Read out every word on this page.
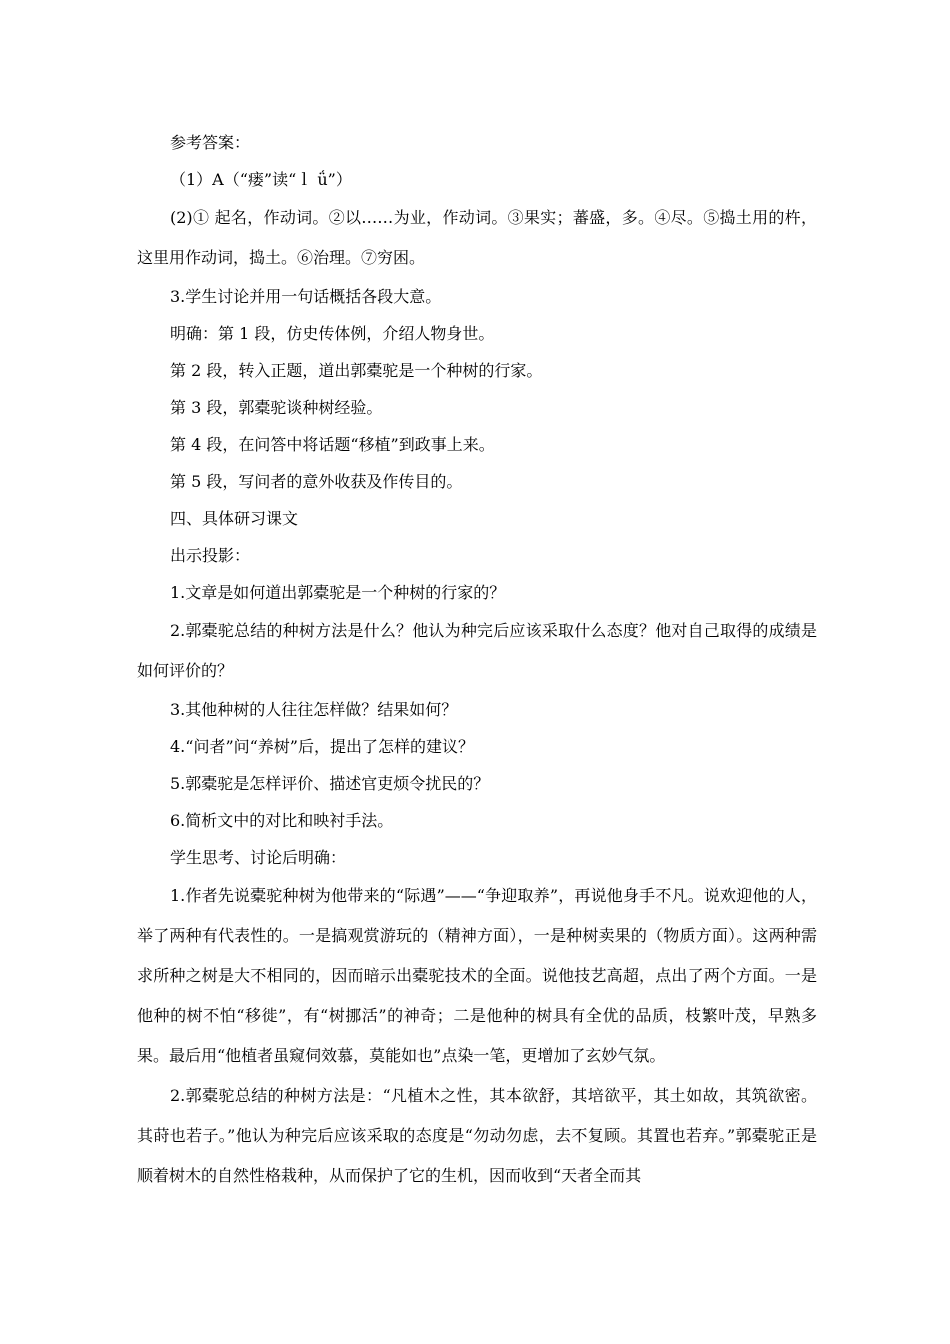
参考答案：

（1）A（“瘘”读“ｌ ǘ”）

(2)① 起名，作动词。②以……为业，作动词。③果实；蕃盛，多。④尽。⑤捣土用的杵，这里用作动词，捣土。⑥治理。⑦穷困。

3.学生讨论并用一句话概括各段大意。

明确：第 1 段，仿史传体例，介绍人物身世。

第 2 段，转入正题，道出郭橐驼是一个种树的行家。

第 3 段，郭橐驼谈种树经验。

第 4 段，在问答中将话题“移植”到政事上来。

第 5 段，写问者的意外收获及作传目的。

四、具体研习课文

出示投影：

1.文章是如何道出郭橐驼是一个种树的行家的？

2.郭橐驼总结的种树方法是什么？他认为种完后应该采取什么态度？他对自己取得的成绩是如何评价的？

3.其他种树的人往往怎样做？结果如何？

4.“问者”问“养树”后，提出了怎样的建议？

5.郭橐驼是怎样评价、描述官吏烦令扰民的？

6.简析文中的对比和映衬手法。

学生思考、讨论后明确：

1.作者先说橐驼种树为他带来的“际遇”——“争迎取养”，再说他身手不凡。说欢迎他的人，举了两种有代表性的。一是搞观赏游玩的（精神方面），一是种树卖果的（物质方面）。这两种需求所种之树是大不相同的，因而暗示出橐驼技术的全面。说他技艺高超，点出了两个方面。一是他种的树不怕“移徙”，有“树挪活”的神奇；二是他种的树具有全优的品质，枝繁叶茂，早熟多果。最后用“他植者虽窥伺效慕，莫能如也”点染一笔，更增加了玄妙气氛。

2.郭橐驼总结的种树方法是：“凡植木之性，其本欲舒，其培欲平，其土如故，其筑欲密。其莳也若子。”他认为种完后应该采取的态度是“勿动勿虑，去不复顾。其置也若弃。”郭橐驼正是顺着树木的自然性格栽种，从而保护了它的生机，因而收到“天者全而其
